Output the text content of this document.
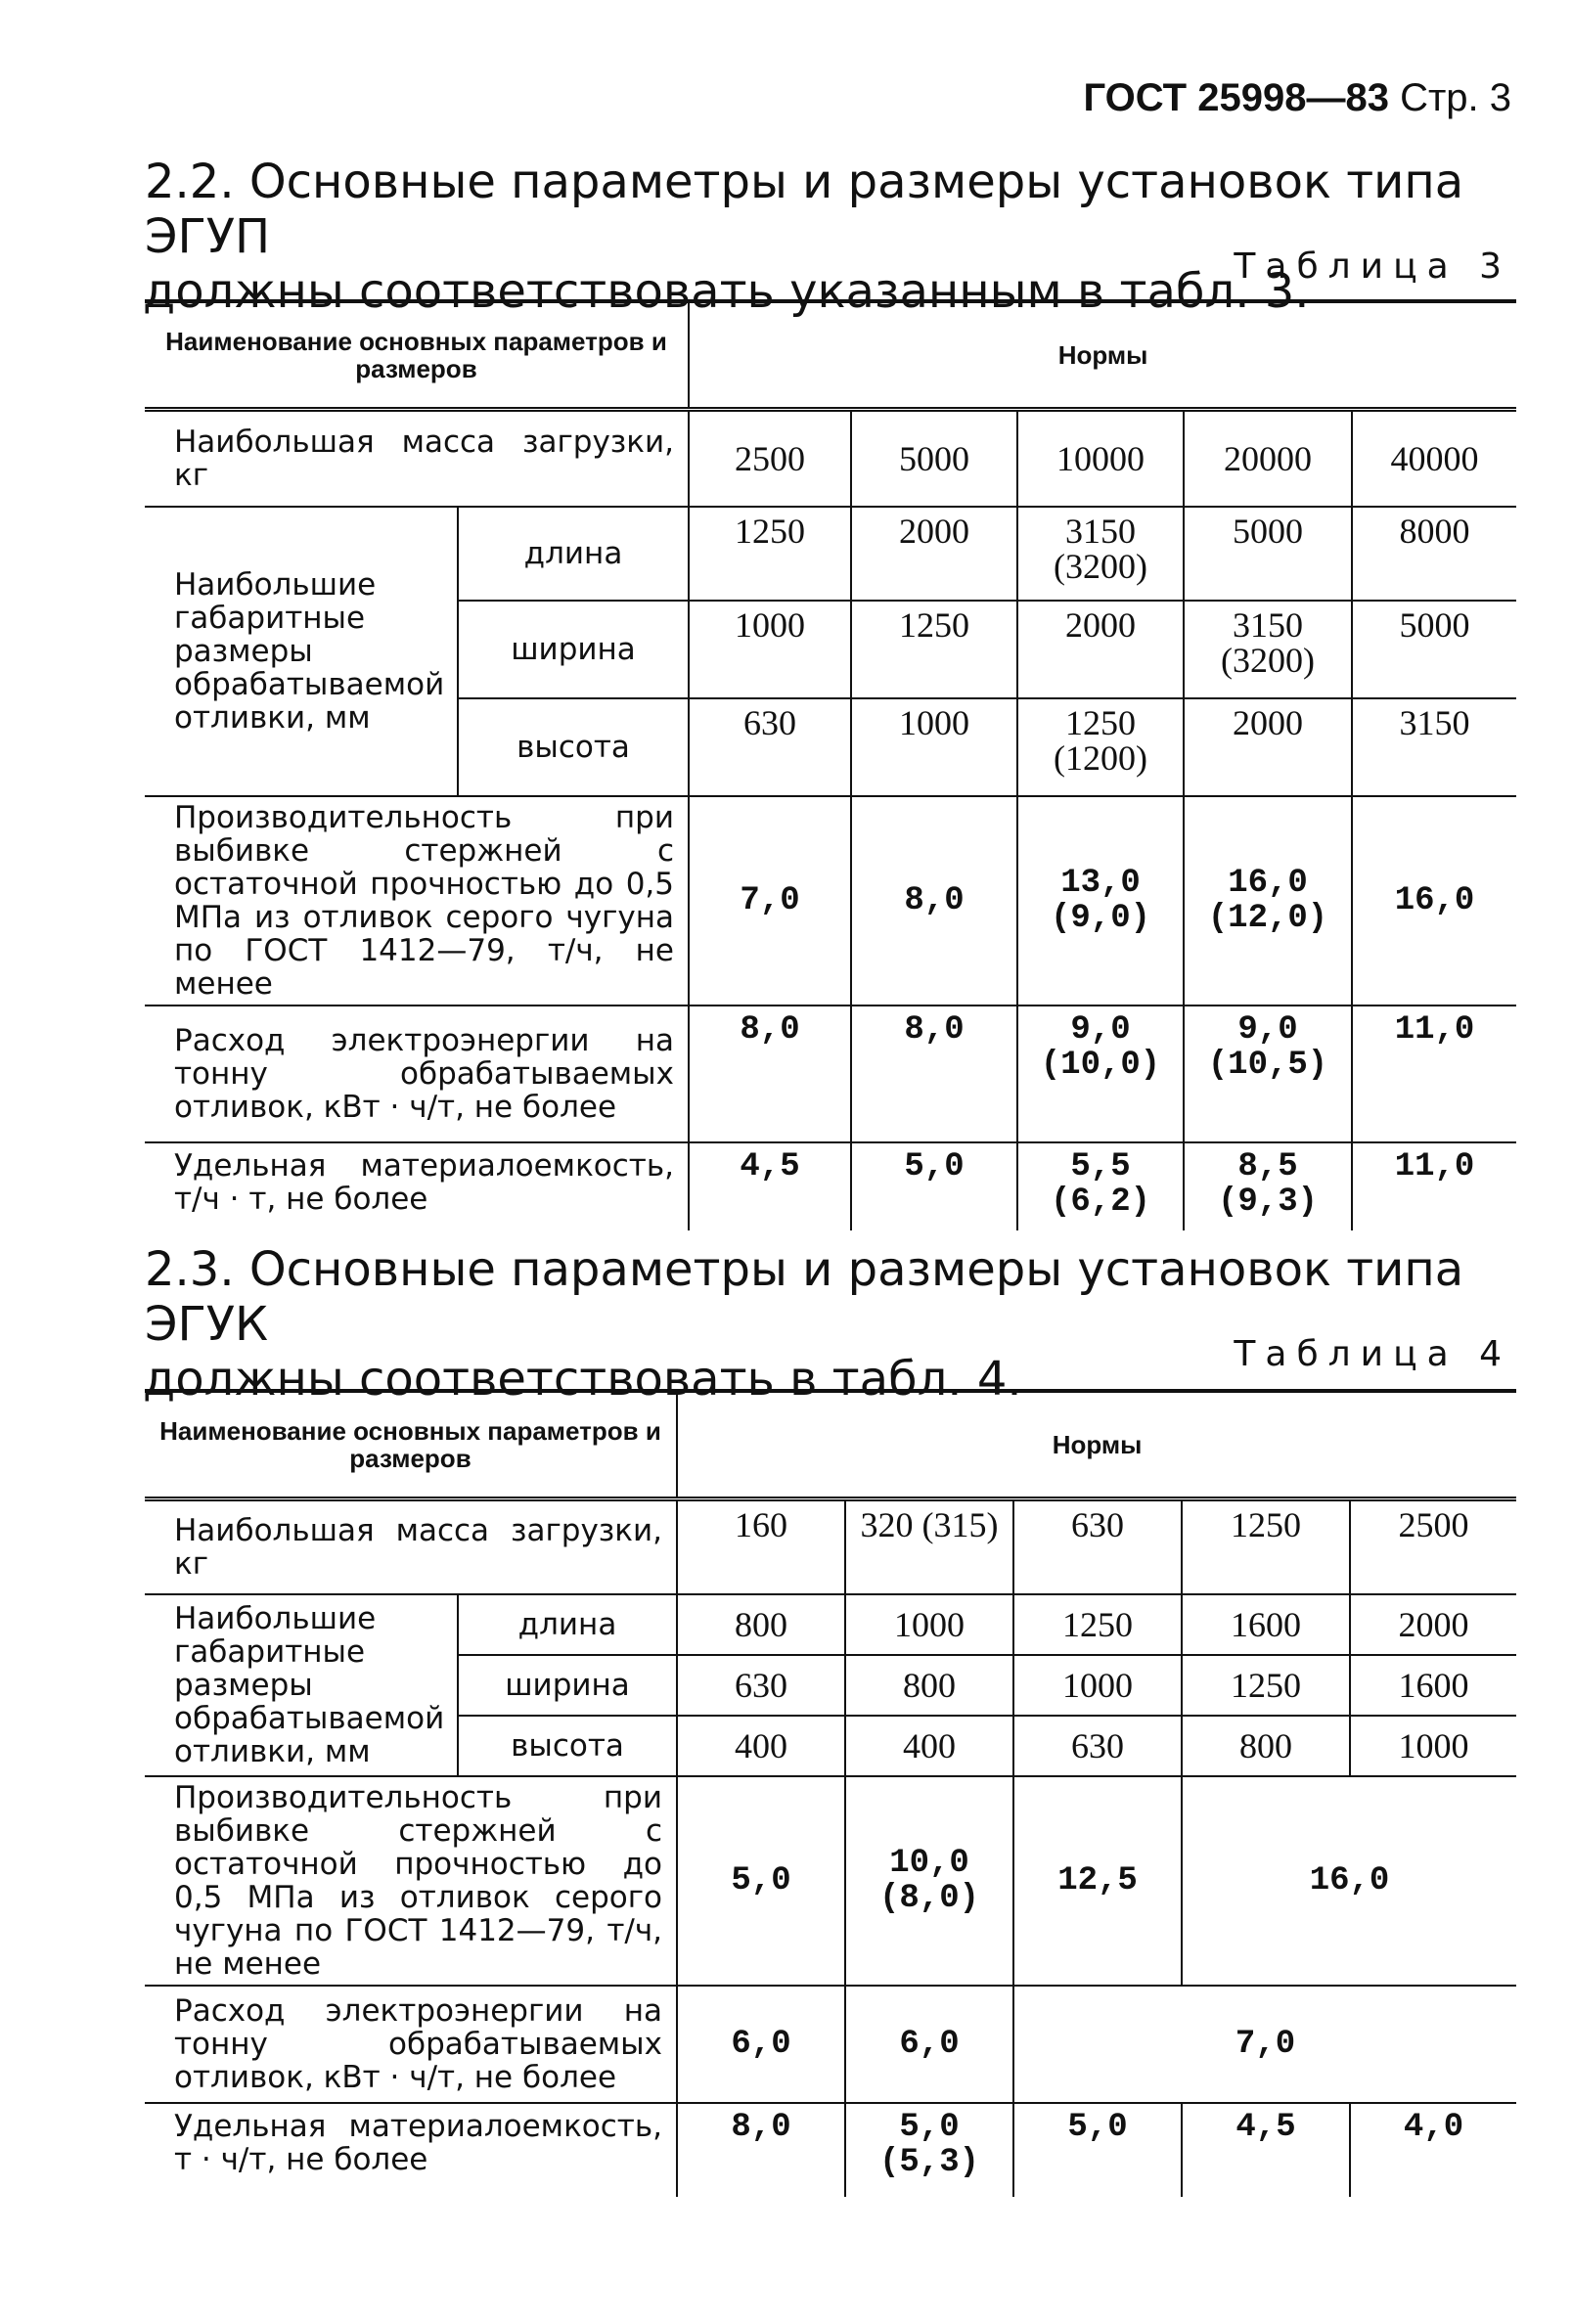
ГОСТ 25998—83 Стр. 3
2.2. Основные параметры и размеры установок типа ЭГУП
должны соответствовать указанным в табл. 3.
Таблица 3
Наименование основных параметров и размеров		Нормы				
Наибольшая масса загрузки, кг		2500	5000	10000	20000	40000
Наибольшие габаритные размеры обрабатываемой отливки, мм	длина	1250	2000	3150 (3200)	5000	8000
	ширина	1000	1250	2000	3150 (3200)	5000
	высота	630	1000	1250 (1200)	2000	3150
Производительность при выбивке стержней с остаточной прочностью до 0,5 МПа из отливок серого чугуна по ГОСТ 1412—79, т/ч, не менее		7,0	8,0	13,0 (9,0)	16,0 (12,0)	16,0
Расход электроэнергии на тонну обрабатываемых отливок, кВт · ч/т, не более		8,0	8,0	9,0 (10,0)	9,0 (10,5)	11,0
Удельная материалоемкость, т/ч · т, не более		4,5	5,0	5,5 (6,2)	8,5 (9,3)	11,0
2.3. Основные параметры и размеры установок типа ЭГУК
должны соответствовать в табл. 4.	Таблица 4
Наименование основных параметров и размеров		Нормы				
Наибольшая масса загрузки, кг		160	320 (315)	630	1250	2500
Наибольшие габаритные размеры обрабатываемой отливки, мм	длина	800	1000	1250	1600	2000
	ширина	630	800	1000	1250	1600
	высота	400	400	630	800	1000
Производительность при выбивке стержней с остаточной прочностью до 0,5 МПа из отливок серого чугуна по ГОСТ 1412—79, т/ч, не менее		5,0	10,0 (8,0)	12,5	16,0	
Расход электроэнергии на тонну обрабатываемых отливок, кВт · ч/т, не более		6,0	6,0	7,0		
Удельная материалоемкость, т · ч/т, не более		8,0	5,0 (5,3)	5,0	4,5	4,0
